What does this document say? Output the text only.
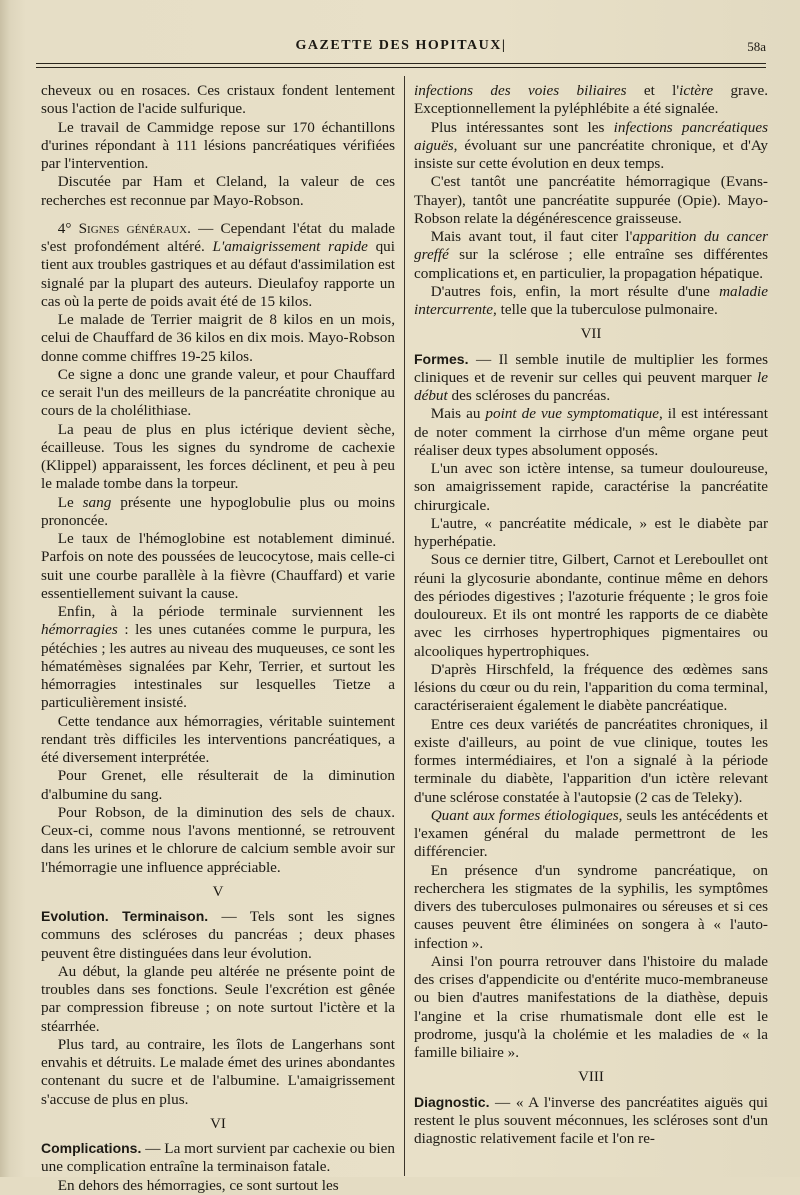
GAZETTE DES HOPITAUX|	58a

cheveux ou en rosaces. Ces cristaux fondent lentement sous l'action de l'acide sulfurique.

Le travail de Cammidge repose sur 170 échantillons d'urines répondant à 111 lésions pancréatiques vérifiées par l'intervention.

Discutée par Ham et Cleland, la valeur de ces recherches est reconnue par Mayo-Robson.

4° Signes généraux. — Cependant l'état du malade s'est profondément altéré. L'amaigrissement rapide qui tient aux troubles gastriques et au défaut d'assimilation est signalé par la plupart des auteurs. Dieulafoy rapporte un cas où la perte de poids avait été de 15 kilos.

Le malade de Terrier maigrit de 8 kilos en un mois, celui de Chauffard de 36 kilos en dix mois. Mayo-Robson donne comme chiffres 19-25 kilos.

Ce signe a donc une grande valeur, et pour Chauffard ce serait l'un des meilleurs de la pancréatite chronique au cours de la cholélithiase.

La peau de plus en plus ictérique devient sèche, écailleuse. Tous les signes du syndrome de cachexie (Klippel) apparaissent, les forces déclinent, et peu à peu le malade tombe dans la torpeur.

Le sang présente une hypoglobulie plus ou moins prononcée.

Le taux de l'hémoglobine est notablement diminué. Parfois on note des poussées de leucocytose, mais celle-ci suit une courbe parallèle à la fièvre (Chauffard) et varie essentiellement suivant la cause.

Enfin, à la période terminale surviennent les hémorragies : les unes cutanées comme le purpura, les pétéchies ; les autres au niveau des muqueuses, ce sont les hématémèses signalées par Kehr, Terrier, et surtout les hémorragies intestinales sur lesquelles Tietze a particulièrement insisté.

Cette tendance aux hémorragies, véritable suintement rendant très difficiles les interventions pancréatiques, a été diversement interprétée.

Pour Grenet, elle résulterait de la diminution d'albumine du sang.

Pour Robson, de la diminution des sels de chaux. Ceux-ci, comme nous l'avons mentionné, se retrouvent dans les urines et le chlorure de calcium semble avoir sur l'hémorragie une influence appréciable.

V

Evolution. Terminaison. — Tels sont les signes communs des scléroses du pancréas ; deux phases peuvent être distinguées dans leur évolution.

Au début, la glande peu altérée ne présente point de troubles dans ses fonctions. Seule l'excrétion est gênée par compression fibreuse ; on note surtout l'ictère et la stéarrhée.

Plus tard, au contraire, les îlots de Langerhans sont envahis et détruits. Le malade émet des urines abondantes contenant du sucre et de l'albumine. L'amaigrissement s'accuse de plus en plus.

VI

Complications. — La mort survient par cachexie ou bien une complication entraîne la terminaison fatale.

En dehors des hémorragies, ce sont surtout les

infections des voies biliaires et l'ictère grave. Exceptionnellement la pyléphlébite a été signalée.

Plus intéressantes sont les infections pancréatiques aiguës, évoluant sur une pancréatite chronique, et d'Ay insiste sur cette évolution en deux temps.

C'est tantôt une pancréatite hémorragique (Evans-Thayer), tantôt une pancréatite suppurée (Opie). Mayo-Robson relate la dégénérescence graisseuse.

Mais avant tout, il faut citer l'apparition du cancer greffé sur la sclérose ; elle entraîne ses différentes complications et, en particulier, la propagation hépatique.

D'autres fois, enfin, la mort résulte d'une maladie intercurrente, telle que la tuberculose pulmonaire.

VII

Formes. — Il semble inutile de multiplier les formes cliniques et de revenir sur celles qui peuvent marquer le début des scléroses du pancréas.

Mais au point de vue symptomatique, il est intéressant de noter comment la cirrhose d'un même organe peut réaliser deux types absolument opposés.

L'un avec son ictère intense, sa tumeur douloureuse, son amaigrissement rapide, caractérise la pancréatite chirurgicale.

L'autre, « pancréatite médicale, » est le diabète par hyperhépatie.

Sous ce dernier titre, Gilbert, Carnot et Lereboullet ont réuni la glycosurie abondante, continue même en dehors des périodes digestives ; l'azoturie fréquente ; le gros foie douloureux. Et ils ont montré les rapports de ce diabète avec les cirrhoses hypertrophiques pigmentaires ou alcooliques hypertrophiques.

D'après Hirschfeld, la fréquence des œdèmes sans lésions du cœur ou du rein, l'apparition du coma terminal, caractériseraient également le diabète pancréatique.

Entre ces deux variétés de pancréatites chroniques, il existe d'ailleurs, au point de vue clinique, toutes les formes intermédiaires, et l'on a signalé à la période terminale du diabète, l'apparition d'un ictère relevant d'une sclérose constatée à l'autopsie (2 cas de Teleky).

Quant aux formes étiologiques, seuls les antécédents et l'examen général du malade permettront de les différencier.

En présence d'un syndrome pancréatique, on recherchera les stigmates de la syphilis, les symptômes divers des tuberculoses pulmonaires ou séreuses et si ces causes peuvent être éliminées on songera à « l'auto-infection ».

Ainsi l'on pourra retrouver dans l'histoire du malade des crises d'appendicite ou d'entérite muco-membraneuse ou bien d'autres manifestations de la diathèse, depuis l'angine et la crise rhumatismale dont elle est le prodrome, jusqu'à la cholémie et les maladies de « la famille biliaire ».

VIII

Diagnostic. — « A l'inverse des pancréatites aiguës qui restent le plus souvent méconnues, les scléroses sont d'un diagnostic relativement facile et l'on re-
